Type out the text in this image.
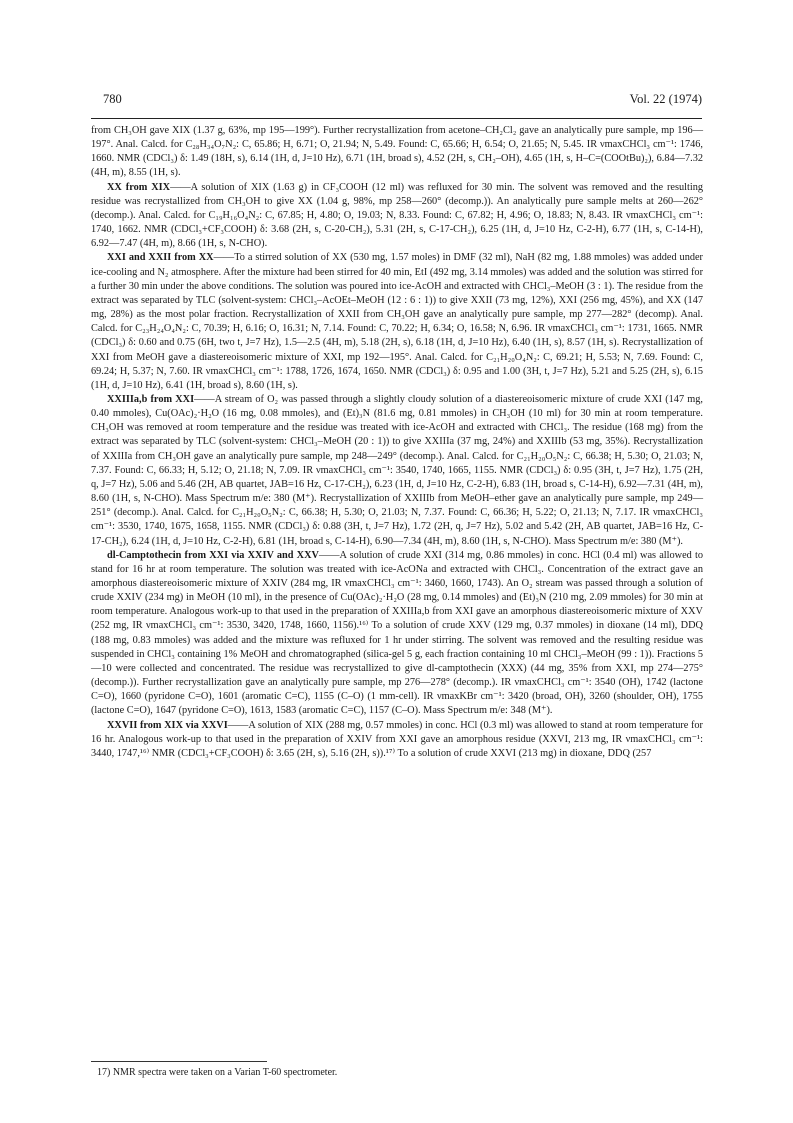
780	Vol. 22 (1974)

from CH₃OH gave XIX (1.37 g, 63%, mp 195—199°). Further recrystallization from acetone–CH₂Cl₂ gave an analytically pure sample, mp 196—197°. Anal. Calcd. for C₂₈H₃₄O₇N₂: C, 65.86; H, 6.71; O, 21.94; N, 5.49. Found: C, 65.66; H, 6.54; O, 21.65; N, 5.45. IR νmaxCHCl₃ cm⁻¹: 1746, 1660. NMR (CDCl₃) δ: 1.49 (18H, s), 6.14 (1H, d, J=10 Hz), 6.71 (1H, broad s), 4.52 (2H, s, CH₂–OH), 4.65 (1H, s, H–C=(COOtBu)₂), 6.84—7.32 (4H, m), 8.55 (1H, s).

XX from XIX——A solution of XIX (1.63 g) in CF₃COOH (12 ml) was refluxed for 30 min. The solvent was removed and the resulting residue was recrystallized from CH₃OH to give XX (1.04 g, 98%, mp 258—260° (decomp.)). An analytically pure sample melts at 260—262° (decomp.). Anal. Calcd. for C₁₉H₁₆O₄N₂: C, 67.85; H, 4.80; O, 19.03; N, 8.33. Found: C, 67.82; H, 4.96; O, 18.83; N, 8.43. IR νmaxCHCl₃ cm⁻¹: 1740, 1662. NMR (CDCl₃+CF₃COOH) δ: 3.68 (2H, s, C-20-CH₂), 5.31 (2H, s, C-17-CH₂), 6.25 (1H, d, J=10 Hz, C-2-H), 6.77 (1H, s, C-14-H), 6.92—7.47 (4H, m), 8.66 (1H, s, N-CHO).

XXI and XXII from XX——To a stirred solution of XX (530 mg, 1.57 moles) in DMF (32 ml), NaH (82 mg, 1.88 mmoles) was added under ice-cooling and N₂ atmosphere. After the mixture had been stirred for 40 min, EtI (492 mg, 3.14 mmoles) was added and the solution was stirred for a further 30 min under the above conditions. The solution was poured into ice-AcOH and extracted with CHCl₃–MeOH (3 : 1). The residue from the extract was separated by TLC (solvent-system: CHCl₃–AcOEt–MeOH (12 : 6 : 1)) to give XXII (73 mg, 12%), XXI (256 mg, 45%), and XX (147 mg, 28%) as the most polar fraction. Recrystallization of XXII from CH₃OH gave an analytically pure sample, mp 277—282° (decomp). Anal. Calcd. for C₂₃H₂₄O₄N₂: C, 70.39; H, 6.16; O, 16.31; N, 7.14. Found: C, 70.22; H, 6.34; O, 16.58; N, 6.96. IR νmaxCHCl₃ cm⁻¹: 1731, 1665. NMR (CDCl₃) δ: 0.60 and 0.75 (6H, two t, J=7 Hz), 1.5—2.5 (4H, m), 5.18 (2H, s), 6.18 (1H, d, J=10 Hz), 6.40 (1H, s), 8.57 (1H, s). Recrystallization of XXI from MeOH gave a diastereoisomeric mixture of XXI, mp 192—195°. Anal. Calcd. for C₂₁H₂₀O₄N₂: C, 69.21; H, 5.53; N, 7.69. Found: C, 69.24; H, 5.37; N, 7.60. IR νmaxCHCl₃ cm⁻¹: 1788, 1726, 1674, 1650. NMR (CDCl₃) δ: 0.95 and 1.00 (3H, t, J=7 Hz), 5.21 and 5.25 (2H, s), 6.15 (1H, d, J=10 Hz), 6.41 (1H, broad s), 8.60 (1H, s).

XXIIIa,b from XXI——A stream of O₂ was passed through a slightly cloudy solution of a diastereoisomeric mixture of crude XXI (147 mg, 0.40 mmoles), Cu(OAc)₂·H₂O (16 mg, 0.08 mmoles), and (Et)₃N (81.6 mg, 0.81 mmoles) in CH₃OH (10 ml) for 30 min at room temperature. CH₃OH was removed at room temperature and the residue was treated with ice-AcOH and extracted with CHCl₃. The residue (168 mg) from the extract was separated by TLC (solvent-system: CHCl₃–MeOH (20 : 1)) to give XXIIIa (37 mg, 24%) and XXIIIb (53 mg, 35%). Recrystallization of XXIIIa from CH₃OH gave an analytically pure sample, mp 248—249° (decomp.). Anal. Calcd. for C₂₁H₂₀O₅N₂: C, 66.38; H, 5.30; O, 21.03; N, 7.37. Found: C, 66.33; H, 5.12; O, 21.18; N, 7.09. IR νmaxCHCl₃ cm⁻¹: 3540, 1740, 1665, 1155. NMR (CDCl₃) δ: 0.95 (3H, t, J=7 Hz), 1.75 (2H, q, J=7 Hz), 5.06 and 5.46 (2H, AB quartet, JAB=16 Hz, C-17-CH₂), 6.23 (1H, d, J=10 Hz, C-2-H), 6.83 (1H, broad s, C-14-H), 6.92—7.31 (4H, m), 8.60 (1H, s, N-CHO). Mass Spectrum m/e: 380 (M⁺). Recrystallization of XXIIIb from MeOH–ether gave an analytically pure sample, mp 249—251° (decomp.). Anal. Calcd. for C₂₁H₂₀O₅N₂: C, 66.38; H, 5.30; O, 21.03; N, 7.37. Found: C, 66.36; H, 5.22; O, 21.13; N, 7.17. IR νmaxCHCl₃ cm⁻¹: 3530, 1740, 1675, 1658, 1155. NMR (CDCl₃) δ: 0.88 (3H, t, J=7 Hz), 1.72 (2H, q, J=7 Hz), 5.02 and 5.42 (2H, AB quartet, JAB=16 Hz, C-17-CH₂), 6.24 (1H, d, J=10 Hz, C-2-H), 6.81 (1H, broad s, C-14-H), 6.90—7.34 (4H, m), 8.60 (1H, s, N-CHO). Mass Spectrum m/e: 380 (M⁺).

dl-Camptothecin from XXI via XXIV and XXV——A solution of crude XXI (314 mg, 0.86 mmoles) in conc. HCl (0.4 ml) was allowed to stand for 16 hr at room temperature. The solution was treated with ice-AcONa and extracted with CHCl₃. Concentration of the extract gave an amorphous diastereoisomeric mixture of XXIV (284 mg, IR νmaxCHCl₃ cm⁻¹: 3460, 1660, 1743). An O₂ stream was passed through a solution of crude XXIV (234 mg) in MeOH (10 ml), in the presence of Cu(OAc)₂·H₂O (28 mg, 0.14 mmoles) and (Et)₃N (210 mg, 2.09 mmoles) for 30 min at room temperature. Analogous work-up to that used in the preparation of XXIIIa,b from XXI gave an amorphous diastereoisomeric mixture of XXV (252 mg, IR νmaxCHCl₃ cm⁻¹: 3530, 3420, 1748, 1660, 1156).¹⁶⁾ To a solution of crude XXV (129 mg, 0.37 mmoles) in dioxane (14 ml), DDQ (188 mg, 0.83 mmoles) was added and the mixture was refluxed for 1 hr under stirring. The solvent was removed and the resulting residue was suspended in CHCl₃ containing 1% MeOH and chromatographed (silica-gel 5 g, each fraction containing 10 ml CHCl₃–MeOH (99 : 1)). Fractions 5—10 were collected and concentrated. The residue was recrystallized to give dl-camptothecin (XXX) (44 mg, 35% from XXI, mp 274—275° (decomp.)). Further recrystallization gave an analytically pure sample, mp 276—278° (decomp.). IR νmaxCHCl₃ cm⁻¹: 3540 (OH), 1742 (lactone C=O), 1660 (pyridone C=O), 1601 (aromatic C=C), 1155 (C–O) (1 mm-cell). IR νmaxKBr cm⁻¹: 3420 (broad, OH), 3260 (shoulder, OH), 1755 (lactone C=O), 1647 (pyridone C=O), 1613, 1583 (aromatic C=C), 1157 (C–O). Mass Spectrum m/e: 348 (M⁺).

XXVII from XIX via XXVI——A solution of XIX (288 mg, 0.57 mmoles) in conc. HCl (0.3 ml) was allowed to stand at room temperature for 16 hr. Analogous work-up to that used in the preparation of XXIV from XXI gave an amorphous residue (XXVI, 213 mg, IR νmaxCHCl₃ cm⁻¹: 3440, 1747,¹⁶⁾ NMR (CDCl₃+CF₃COOH) δ: 3.65 (2H, s), 5.16 (2H, s)).¹⁷⁾ To a solution of crude XXVI (213 mg) in dioxane, DDQ (257

17) NMR spectra were taken on a Varian T-60 spectrometer.
